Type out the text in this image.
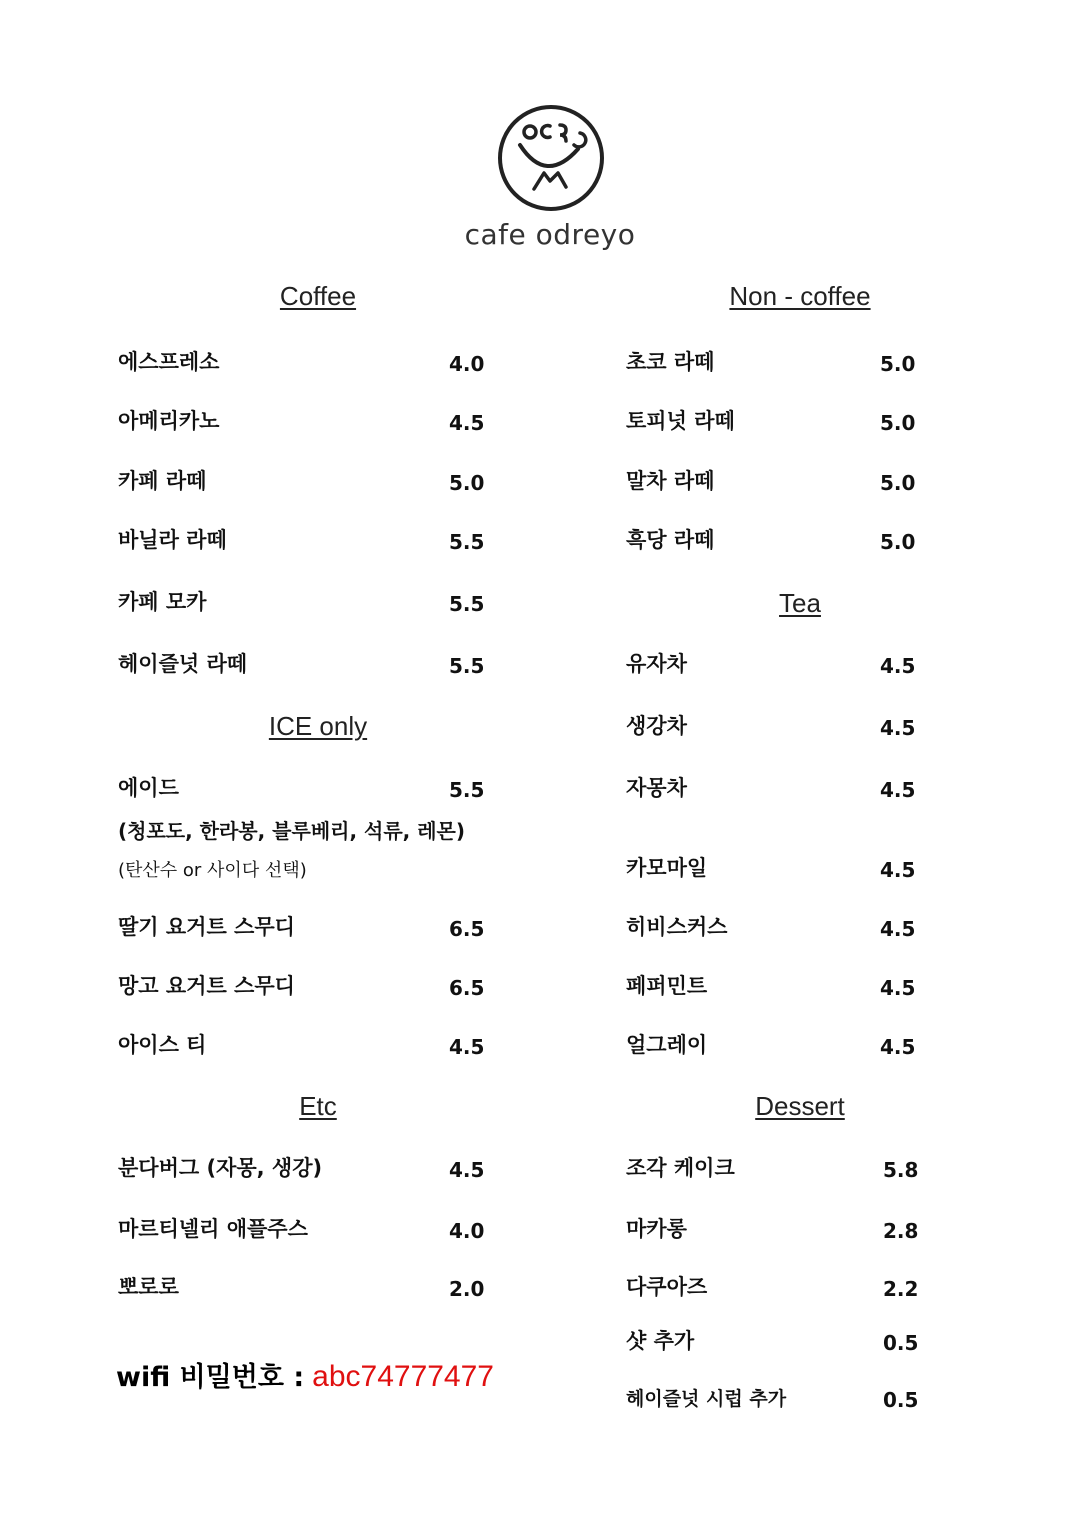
cafe odreyo
Coffee
에스프레소	4.0
아메리카노	4.5
카페 라떼	5.0
바닐라 라떼	5.5
카페 모카	5.5
헤이즐넛 라떼	5.5
ICE only
에이드	5.5
(청포도, 한라봉, 블루베리, 석류, 레몬)
(탄산수 or 사이다 선택)
딸기 요거트 스무디	6.5
망고 요거트 스무디	6.5
아이스 티	4.5
Etc
분다버그 (자몽, 생강)	4.5
마르티넬리 애플주스	4.0
뽀로로	2.0
wifi 비밀번호 : abc74777477
Non - coffee
초코 라떼	5.0
토피넛 라떼	5.0
말차 라떼	5.0
흑당 라떼	5.0
Tea
유자차	4.5
생강차	4.5
자몽차	4.5
카모마일	4.5
히비스커스	4.5
페퍼민트	4.5
얼그레이	4.5
Dessert
조각 케이크	5.8
마카롱	2.8
다쿠아즈	2.2
샷 추가	0.5
헤이즐넛 시럽 추가	0.5
